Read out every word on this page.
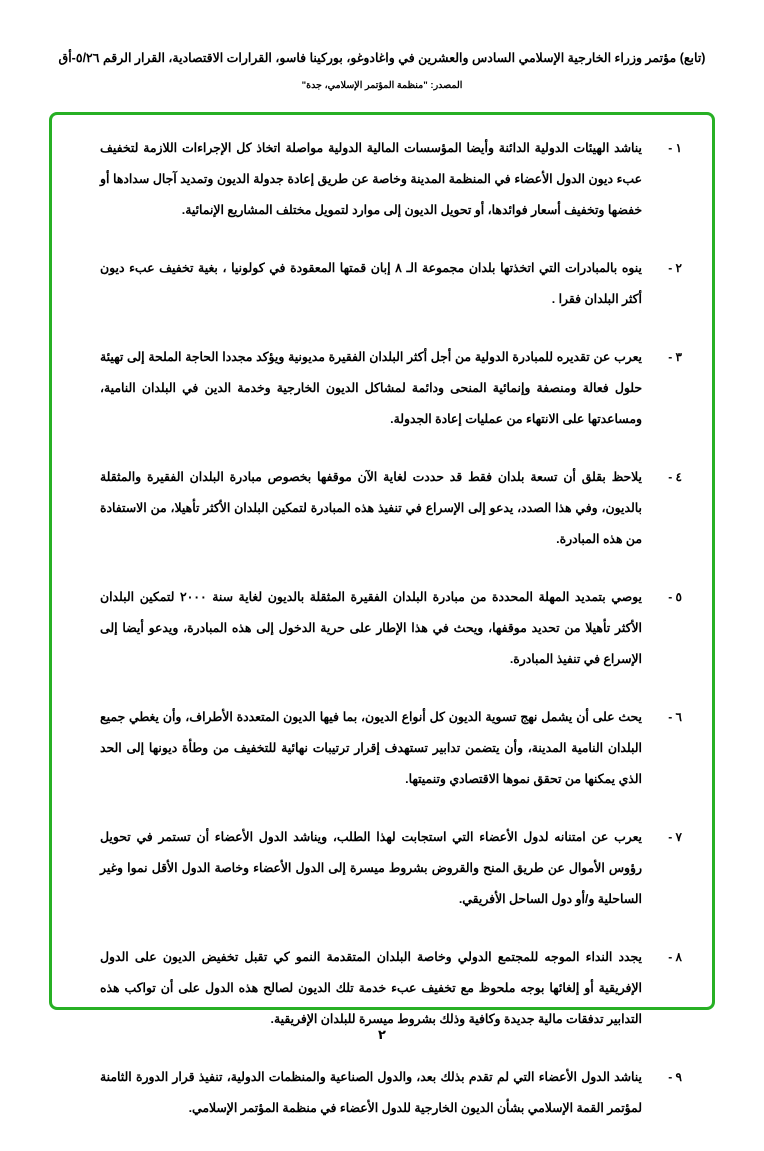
(تابع) مؤتمر وزراء الخارجية الإسلامي السادس والعشرين في واغادوغو، بوركينا فاسو، القرارات الاقتصادية، القرار الرقم ٥/٢٦-أق
المصدر: "منظمة المؤتمر الإسلامي، جدة"
١ -
يناشد الهيئات الدولية الدائنة وأيضا المؤسسات المالية الدولية مواصلة اتخاذ كل الإجراءات اللازمة لتخفيف عبء ديون الدول الأعضاء في المنظمة المدينة وخاصة عن طريق إعادة جدولة الديون وتمديد آجال سدادها أو خفضها وتخفيف أسعار فوائدها، أو تحويل الديون إلى موارد لتمويل مختلف المشاريع الإنمائية.
٢ -
ينوه بالمبادرات التي اتخذتها بلدان مجموعة الـ ٨ إبان قمتها المعقودة في كولونيا ، بغية تخفيف عبء ديون أكثر البلدان فقرا .
٣ -
يعرب عن تقديره للمبادرة الدولية من أجل أكثر البلدان الفقيرة مديونية ويؤكد مجددا الحاجة الملحة إلى تهيئة حلول فعالة ومنصفة وإنمائية المنحى ودائمة لمشاكل الديون الخارجية وخدمة الدين في البلدان النامية، ومساعدتها على الانتهاء من عمليات إعادة الجدولة.
٤ -
يلاحظ بقلق أن تسعة بلدان فقط قد حددت لغاية الآن موقفها بخصوص مبادرة البلدان الفقيرة والمثقلة بالديون، وفي هذا الصدد، يدعو إلى الإسراع في تنفيذ هذه المبادرة لتمكين البلدان الأكثر تأهيلا، من الاستفادة من هذه المبادرة.
٥ -
يوصي بتمديد المهلة المحددة من مبادرة البلدان الفقيرة المثقلة بالديون لغاية سنة ٢٠٠٠ لتمكين البلدان الأكثر تأهيلا من تحديد موقفها، ويحث في هذا الإطار على حرية الدخول إلى هذه المبادرة، ويدعو أيضا إلى الإسراع في تنفيذ المبادرة.
٦ -
يحث على أن يشمل نهج تسوية الديون كل أنواع الديون، بما فيها الديون المتعددة الأطراف، وأن يغطي جميع البلدان النامية المدينة، وأن يتضمن تدابير تستهدف إقرار ترتيبات نهائية للتخفيف من وطأة ديونها إلى الحد الذي يمكنها من تحقق نموها الاقتصادي وتنميتها.
٧ -
يعرب عن امتنانه لدول الأعضاء التي استجابت لهذا الطلب، ويناشد الدول الأعضاء أن تستمر في تحويل رؤوس الأموال عن طريق المنح والقروض بشروط ميسرة إلى الدول الأعضاء وخاصة الدول الأقل نموا وغير الساحلية و/أو دول الساحل الأفريقي.
٨ -
يجدد النداء الموجه للمجتمع الدولي وخاصة البلدان المتقدمة النمو كي تقبل تخفيض الديون على الدول الإفريقية أو إلغائها بوجه ملحوظ مع تخفيف عبء خدمة تلك الديون لصالح هذه الدول على أن تواكب هذه التدابير تدفقات مالية جديدة وكافية وذلك بشروط ميسرة للبلدان الإفريقية.
٩ -
يناشد الدول الأعضاء التي لم تقدم بذلك بعد، والدول الصناعية والمنظمات الدولية، تنفيذ قرار الدورة الثامنة لمؤتمر القمة الإسلامي بشأن الديون الخارجية للدول الأعضاء في منظمة المؤتمر الإسلامي.
٢
